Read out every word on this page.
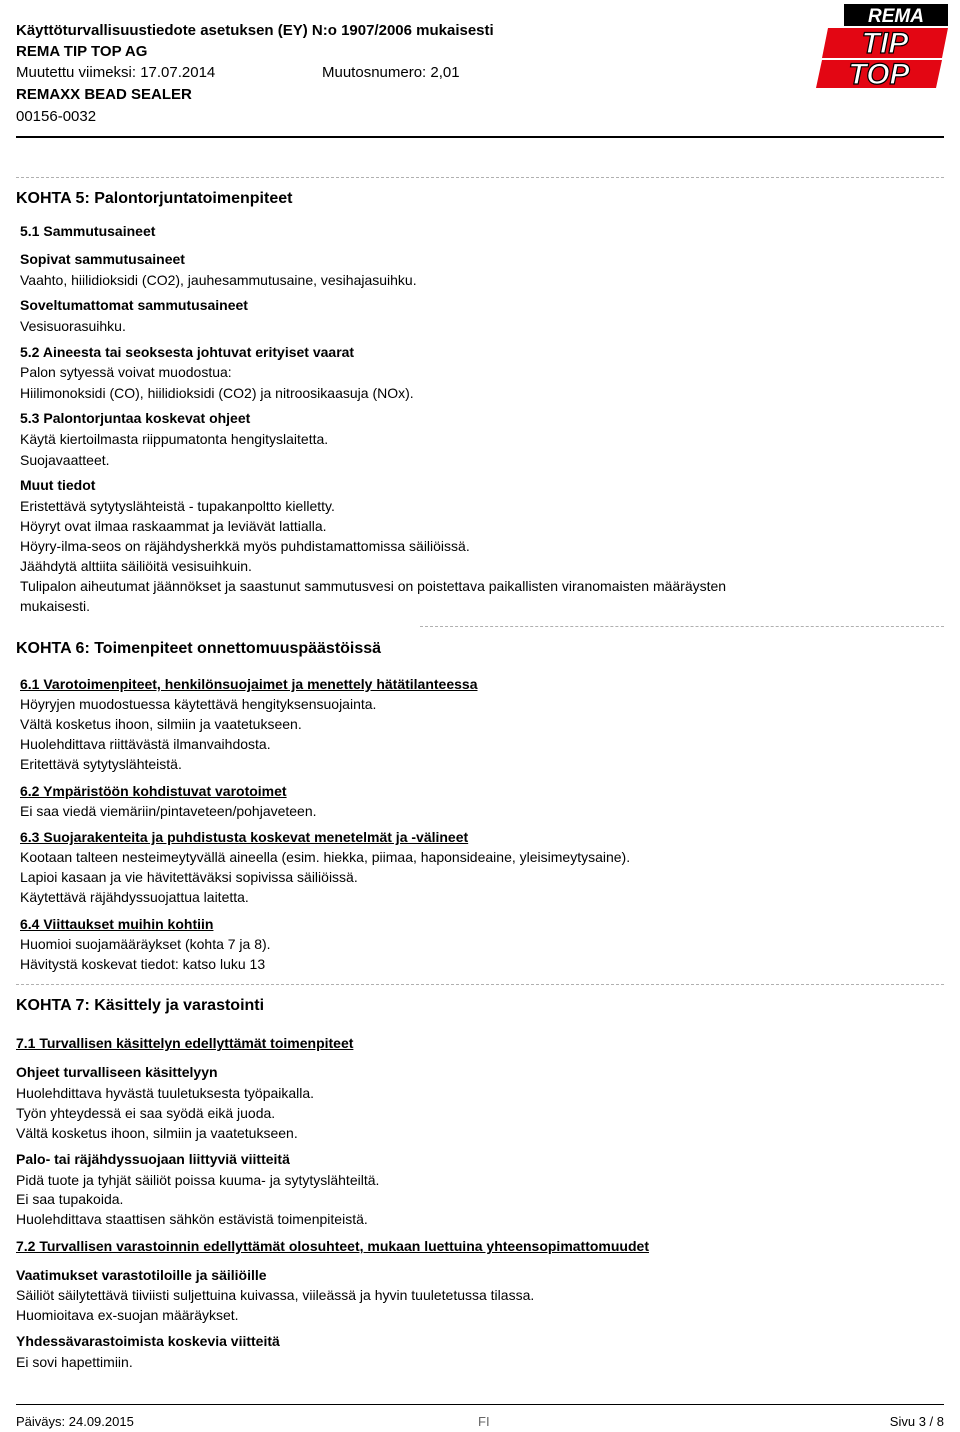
Käyttöturvallisuustiedote asetuksen (EY) N:o 1907/2006 mukaisesti
REMA TIP TOP AG
Muutettu viimeksi: 17.07.2014	Muutosnumero: 2,01
REMAXX BEAD SEALER
00156-0032
REMA
TIP
TOP
KOHTA 5: Palontorjuntatoimenpiteet
5.1 Sammutusaineet
Sopivat sammutusaineet
Vaahto, hiilidioksidi (CO2), jauhesammutusaine, vesihajasuihku.
Soveltumattomat sammutusaineet
Vesisuorasuihku.
5.2 Aineesta tai seoksesta johtuvat erityiset vaarat
Palon sytyessä voivat muodostua:
Hiilimonoksidi (CO), hiilidioksidi (CO2) ja nitroosikaasuja (NOx).
5.3 Palontorjuntaa koskevat ohjeet
Käytä kiertoilmasta riippumatonta hengityslaitetta.
Suojavaatteet.
Muut tiedot
Eristettävä sytytyslähteistä - tupakanpoltto kielletty.
Höyryt ovat ilmaa raskaammat ja leviävät lattialla.
Höyry-ilma-seos on räjähdysherkkä myös puhdistamattomissa säiliöissä.
Jäähdytä alttiita säiliöitä vesisuihkuin.
Tulipalon aiheutumat jäännökset ja saastunut sammutusvesi on poistettava paikallisten viranomaisten määräysten
mukaisesti.
KOHTA 6: Toimenpiteet onnettomuuspäästöissä
6.1 Varotoimenpiteet, henkilönsuojaimet ja menettely hätätilanteessa
Höyryjen muodostuessa käytettävä hengityksensuojainta.
Vältä kosketus ihoon, silmiin ja vaatetukseen.
Huolehdittava riittävästä ilmanvaihdosta.
Eritettävä sytytyslähteistä.
6.2 Ympäristöön kohdistuvat varotoimet
Ei saa viedä viemäriin/pintaveteen/pohjaveteen.
6.3 Suojarakenteita ja puhdistusta koskevat menetelmät ja -välineet
Kootaan talteen nesteimeytyvällä aineella (esim. hiekka, piimaa, haponsideaine, yleisimeytysaine).
Lapioi kasaan ja vie hävitettäväksi sopivissa säiliöissä.
Käytettävä räjähdyssuojattua laitetta.
6.4 Viittaukset muihin kohtiin
Huomioi suojamääräykset (kohta 7 ja 8).
Hävitystä koskevat tiedot: katso luku 13
KOHTA 7: Käsittely ja varastointi
7.1 Turvallisen käsittelyn edellyttämät toimenpiteet
Ohjeet turvalliseen käsittelyyn
Huolehdittava hyvästä tuuletuksesta työpaikalla.
Työn yhteydessä ei saa syödä eikä juoda.
Vältä kosketus ihoon, silmiin ja vaatetukseen.
Palo- tai räjähdyssuojaan liittyviä viitteitä
Pidä tuote ja tyhjät säiliöt poissa kuuma- ja sytytyslähteiltä.
Ei saa tupakoida.
Huolehdittava staattisen sähkön estävistä toimenpiteistä.
7.2 Turvallisen varastoinnin edellyttämät olosuhteet, mukaan luettuina yhteensopimattomuudet
Vaatimukset varastotiloille ja säiliöille
Säiliöt säilytettävä tiiviisti suljettuina kuivassa, viileässä ja hyvin tuuletetussa tilassa.
Huomioitava ex-suojan määräykset.
Yhdessävarastoimista koskevia viitteitä
Ei sovi hapettimiin.
Päiväys: 24.09.2015	FI	Sivu 3 / 8
